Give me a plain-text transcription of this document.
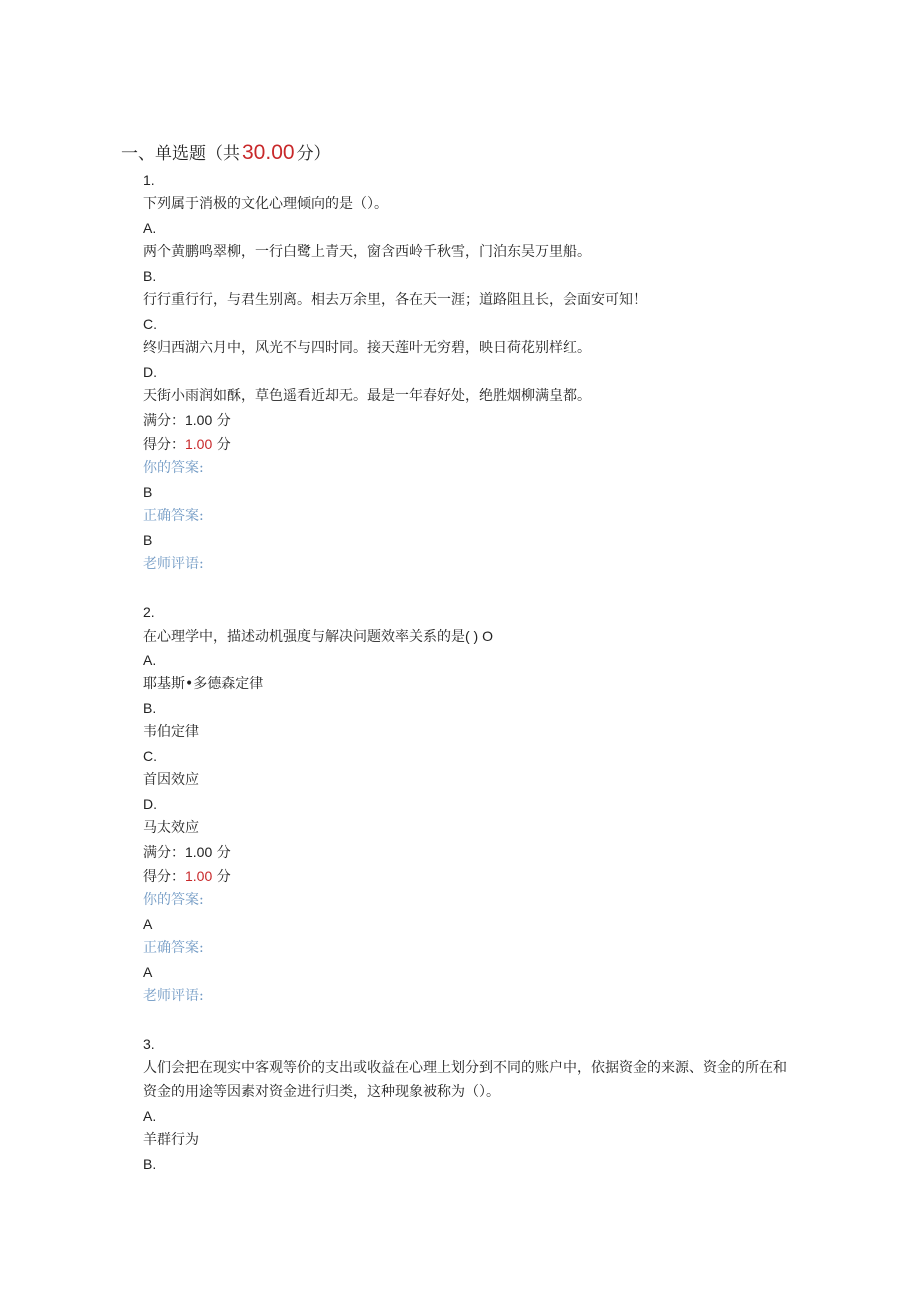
一、单选题（共30.00 分）
1.
下列属于消极的文化心理倾向的是（）。
A.
两个黄鹏鸣翠柳，一行白鹭上青天，窗含西岭千秋雪，门泊东吴万里船。
B.
行行重行行，与君生别离。相去万余里，各在天一涯；道路阻且长，会面安可知！
C.
终归西湖六月中，风光不与四时同。接天莲叶无穷碧，映日荷花别样红。
D.
天街小雨润如酥，草色遥看近却无。最是一年春好处，绝胜烟柳满皇都。
满分：1.00 分
得分：1.00 分
你的答案:
B
正确答案:
B
老师评语:
2.
在心理学中，描述动机强度与解决问题效率关系的是( ) O
A.
耶基斯•多德森定律
B.
韦伯定律
C.
首因效应
D.
马太效应
满分：1.00 分
得分：1.00 分
你的答案:
A
正确答案:
A
老师评语:
3.
人们会把在现实中客观等价的支出或收益在心理上划分到不同的账户中，依据资金的来源、资金的所在和资金的用途等因素对资金进行归类，这种现象被称为（）。
A.
羊群行为
B.
